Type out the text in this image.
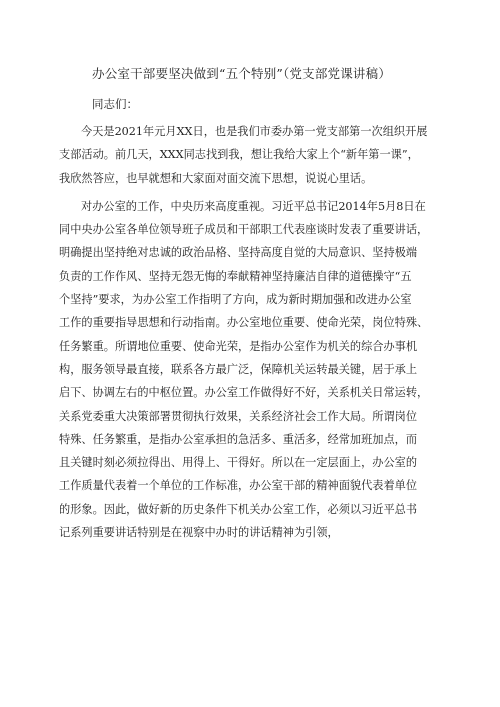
办公室干部要坚决做到“五个特别”（党支部党课讲稿）
同志们：
今天是2021年元月XX日，也是我们市委办第一党支部第一次组织开展
支部活动。前几天，XXX同志找到我，想让我给大家上个“新年第一课”，
我欣然答应，也早就想和大家面对面交流下思想，说说心里话。
对办公室的工作，中央历来高度重视。习近平总书记2014年5月8日在
同中央办公室各单位领导班子成员和干部职工代表座谈时发表了重要讲话，
明确提出坚持绝对忠诚的政治品格、坚持高度自觉的大局意识、坚持极端
负责的工作作风、坚持无怨无悔的奉献精神坚持廉洁自律的道德操守“五
个坚持”要求，为办公室工作指明了方向，成为新时期加强和改进办公室
工作的重要指导思想和行动指南。办公室地位重要、使命光荣，岗位特殊、
任务繁重。所谓地位重要、使命光荣，是指办公室作为机关的综合办事机
构，服务领导最直接，联系各方最广泛，保障机关运转最关键，居于承上
启下、协调左右的中枢位置。办公室工作做得好不好，关系机关日常运转，
关系党委重大决策部署贯彻执行效果，关系经济社会工作大局。所谓岗位
特殊、任务繁重，是指办公室承担的急活多、重活多，经常加班加点，而
且关键时刻必须拉得出、用得上、干得好。所以在一定层面上，办公室的
工作质量代表着一个单位的工作标准，办公室干部的精神面貌代表着单位
的形象。因此，做好新的历史条件下机关办公室工作，必须以习近平总书
记系列重要讲话特别是在视察中办时的讲话精神为引领，
